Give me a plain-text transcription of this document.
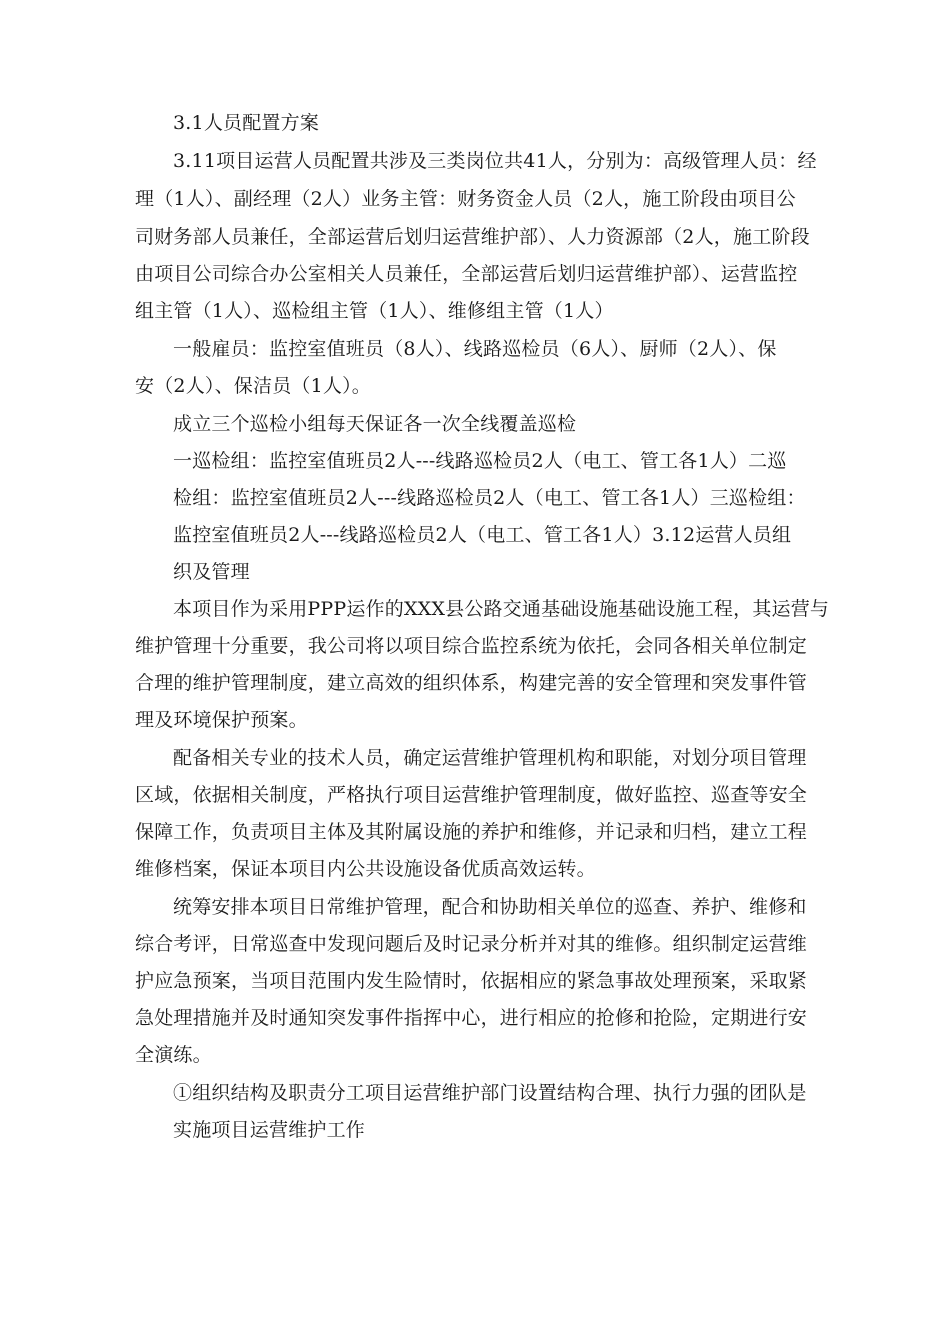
3.1人员配置方案
3.11项目运营人员配置共涉及三类岗位共41人，分别为：高级管理人员：经
理（1人）、副经理（2人）业务主管：财务资金人员（2人，施工阶段由项目公
司财务部人员兼任，全部运营后划归运营维护部）、人力资源部（2人，施工阶段
由项目公司综合办公室相关人员兼任，全部运营后划归运营维护部）、运营监控
组主管（1人）、巡检组主管（1人）、维修组主管（1人）
一般雇员：监控室值班员（8人）、线路巡检员（6人）、厨师（2人）、保
安（2人）、保洁员（1人）。
成立三个巡检小组每天保证各一次全线覆盖巡检
一巡检组：监控室值班员2人---线路巡检员2人（电工、管工各1人）二巡
检组：监控室值班员2人---线路巡检员2人（电工、管工各1人）三巡检组：
监控室值班员2人---线路巡检员2人（电工、管工各1人）3.12运营人员组
织及管理
本项目作为采用PPP运作的XXX县公路交通基础设施基础设施工程，其运营与
维护管理十分重要，我公司将以项目综合监控系统为依托，会同各相关单位制定
合理的维护管理制度，建立高效的组织体系，构建完善的安全管理和突发事件管
理及环境保护预案。
配备相关专业的技术人员，确定运营维护管理机构和职能，对划分项目管理
区域，依据相关制度，严格执行项目运营维护管理制度，做好监控、巡查等安全
保障工作，负责项目主体及其附属设施的养护和维修，并记录和归档，建立工程
维修档案，保证本项目内公共设施设备优质高效运转。
统筹安排本项目日常维护管理，配合和协助相关单位的巡查、养护、维修和
综合考评，日常巡查中发现问题后及时记录分析并对其的维修。组织制定运营维
护应急预案，当项目范围内发生险情时，依据相应的紧急事故处理预案，采取紧
急处理措施并及时通知突发事件指挥中心，进行相应的抢修和抢险，定期进行安
全演练。
①组织结构及职责分工项目运营维护部门设置结构合理、执行力强的团队是
实施项目运营维护工作
